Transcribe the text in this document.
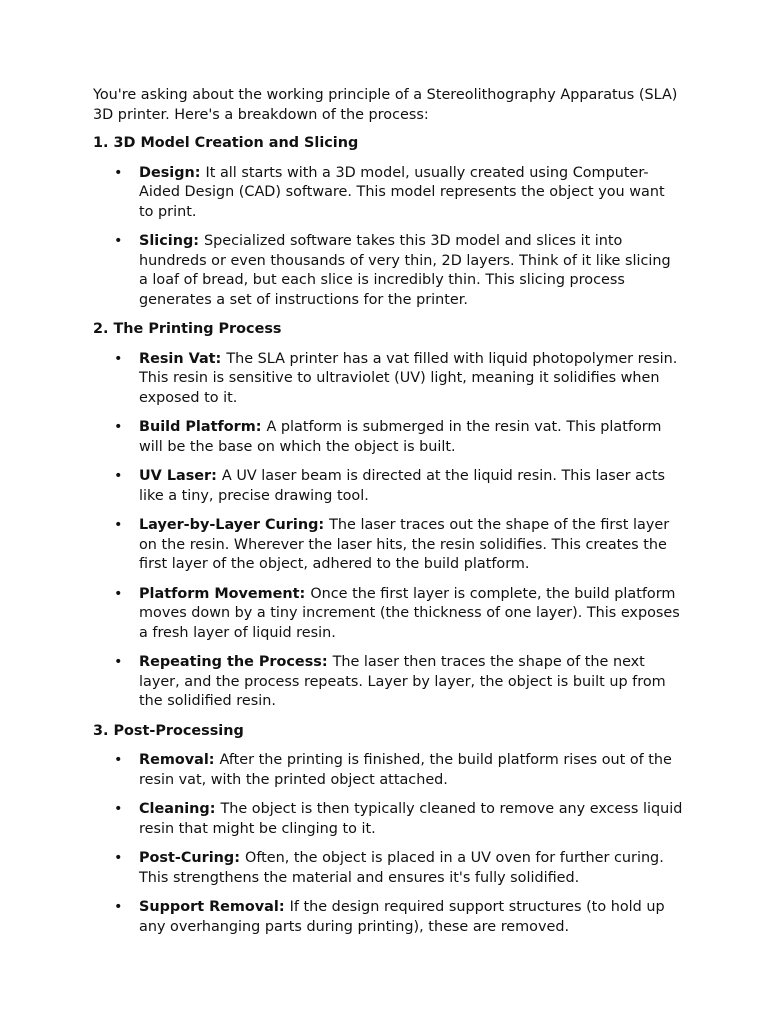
You're asking about the working principle of a Stereolithography Apparatus (SLA) 3D printer. Here's a breakdown of the process:

1. 3D Model Creation and Slicing

• Design: It all starts with a 3D model, usually created using Computer-Aided Design (CAD) software. This model represents the object you want to print.
• Slicing: Specialized software takes this 3D model and slices it into hundreds or even thousands of very thin, 2D layers. Think of it like slicing a loaf of bread, but each slice is incredibly thin. This slicing process generates a set of instructions for the printer.

2. The Printing Process

• Resin Vat: The SLA printer has a vat filled with liquid photopolymer resin. This resin is sensitive to ultraviolet (UV) light, meaning it solidifies when exposed to it.
• Build Platform: A platform is submerged in the resin vat. This platform will be the base on which the object is built.
• UV Laser: A UV laser beam is directed at the liquid resin. This laser acts like a tiny, precise drawing tool.
• Layer-by-Layer Curing: The laser traces out the shape of the first layer on the resin. Wherever the laser hits, the resin solidifies. This creates the first layer of the object, adhered to the build platform.
• Platform Movement: Once the first layer is complete, the build platform moves down by a tiny increment (the thickness of one layer). This exposes a fresh layer of liquid resin.
• Repeating the Process: The laser then traces the shape of the next layer, and the process repeats. Layer by layer, the object is built up from the solidified resin.

3. Post-Processing

• Removal: After the printing is finished, the build platform rises out of the resin vat, with the printed object attached.
• Cleaning: The object is then typically cleaned to remove any excess liquid resin that might be clinging to it.
• Post-Curing: Often, the object is placed in a UV oven for further curing. This strengthens the material and ensures it's fully solidified.
• Support Removal: If the design required support structures (to hold up any overhanging parts during printing), these are removed.
